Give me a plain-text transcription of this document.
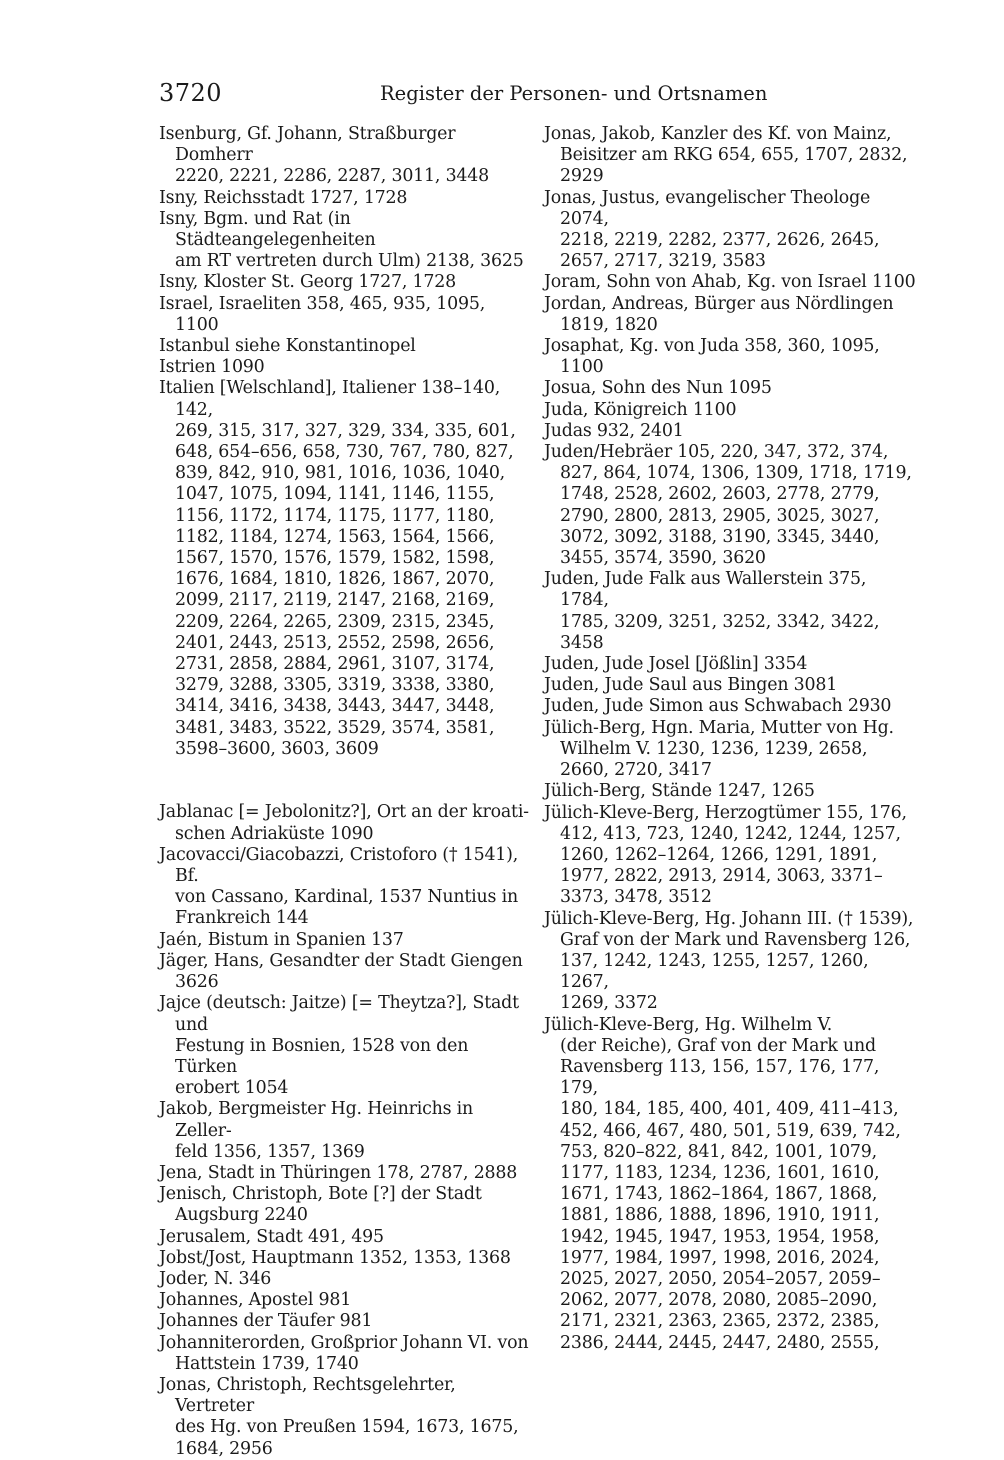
3720	Register der Personen- und Ortsnamen

Isenburg, Gf. Johann, Straßburger Domherr
2220, 2221, 2286, 2287, 3011, 3448

Isny, Reichsstadt 1727, 1728

Isny, Bgm. und Rat (in Städteangelegenheiten
am RT vertreten durch Ulm) 2138, 3625

Isny, Kloster St. Georg 1727, 1728

Israel, Israeliten 358, 465, 935, 1095, 1100

Istanbul siehe Konstantinopel

Istrien 1090

Italien [Welschland], Italiener 138–140, 142,
269, 315, 317, 327, 329, 334, 335, 601,
648, 654–656, 658, 730, 767, 780, 827,
839, 842, 910, 981, 1016, 1036, 1040,
1047, 1075, 1094, 1141, 1146, 1155,
1156, 1172, 1174, 1175, 1177, 1180,
1182, 1184, 1274, 1563, 1564, 1566,
1567, 1570, 1576, 1579, 1582, 1598,
1676, 1684, 1810, 1826, 1867, 2070,
2099, 2117, 2119, 2147, 2168, 2169,
2209, 2264, 2265, 2309, 2315, 2345,
2401, 2443, 2513, 2552, 2598, 2656,
2731, 2858, 2884, 2961, 3107, 3174,
3279, 3288, 3305, 3319, 3338, 3380,
3414, 3416, 3438, 3443, 3447, 3448,
3481, 3483, 3522, 3529, 3574, 3581,
3598–3600, 3603, 3609

Jablanac [= Jebolonitz?], Ort an der kroati-
schen Adriaküste 1090

Jacovacci/Giacobazzi, Cristoforo († 1541), Bf.
von Cassano, Kardinal, 1537 Nuntius in
Frankreich 144

Jaén, Bistum in Spanien 137

Jäger, Hans, Gesandter der Stadt Giengen
3626

Jajce (deutsch: Jaitze) [= Theytza?], Stadt und
Festung in Bosnien, 1528 von den Türken
erobert 1054

Jakob, Bergmeister Hg. Heinrichs in Zeller-
feld 1356, 1357, 1369

Jena, Stadt in Thüringen 178, 2787, 2888

Jenisch, Christoph, Bote [?] der Stadt
Augsburg 2240

Jerusalem, Stadt 491, 495

Jobst/Jost, Hauptmann 1352, 1353, 1368

Joder, N. 346

Johannes, Apostel 981

Johannes der Täufer 981

Johanniterorden, Großprior Johann VI. von
Hattstein 1739, 1740

Jonas, Christoph, Rechtsgelehrter, Vertreter
des Hg. von Preußen 1594, 1673, 1675,
1684, 2956

Jonas, Jakob, Kanzler des Kf. von Mainz,
Beisitzer am RKG 654, 655, 1707, 2832,
2929

Jonas, Justus, evangelischer Theologe 2074,
2218, 2219, 2282, 2377, 2626, 2645,
2657, 2717, 3219, 3583

Joram, Sohn von Ahab, Kg. von Israel 1100

Jordan, Andreas, Bürger aus Nördlingen
1819, 1820

Josaphat, Kg. von Juda 358, 360, 1095, 1100

Josua, Sohn des Nun 1095

Juda, Königreich 1100

Judas 932, 2401

Juden/Hebräer 105, 220, 347, 372, 374,
827, 864, 1074, 1306, 1309, 1718, 1719,
1748, 2528, 2602, 2603, 2778, 2779,
2790, 2800, 2813, 2905, 3025, 3027,
3072, 3092, 3188, 3190, 3345, 3440,
3455, 3574, 3590, 3620

Juden, Jude Falk aus Wallerstein 375, 1784,
1785, 3209, 3251, 3252, 3342, 3422,
3458

Juden, Jude Josel [Jößlin] 3354

Juden, Jude Saul aus Bingen 3081

Juden, Jude Simon aus Schwabach 2930

Jülich-Berg, Hgn. Maria, Mutter von Hg.
Wilhelm V. 1230, 1236, 1239, 2658,
2660, 2720, 3417

Jülich-Berg, Stände 1247, 1265

Jülich-Kleve-Berg, Herzogtümer 155, 176,
412, 413, 723, 1240, 1242, 1244, 1257,
1260, 1262–1264, 1266, 1291, 1891,
1977, 2822, 2913, 2914, 3063, 3371–
3373, 3478, 3512

Jülich-Kleve-Berg, Hg. Johann III. († 1539),
Graf von der Mark und Ravensberg 126,
137, 1242, 1243, 1255, 1257, 1260, 1267,
1269, 3372

Jülich-Kleve-Berg, Hg. Wilhelm V.
(der Reiche), Graf von der Mark und
Ravensberg 113, 156, 157, 176, 177, 179,
180, 184, 185, 400, 401, 409, 411–413,
452, 466, 467, 480, 501, 519, 639, 742,
753, 820–822, 841, 842, 1001, 1079,
1177, 1183, 1234, 1236, 1601, 1610,
1671, 1743, 1862–1864, 1867, 1868,
1881, 1886, 1888, 1896, 1910, 1911,
1942, 1945, 1947, 1953, 1954, 1958,
1977, 1984, 1997, 1998, 2016, 2024,
2025, 2027, 2050, 2054–2057, 2059–
2062, 2077, 2078, 2080, 2085–2090,
2171, 2321, 2363, 2365, 2372, 2385,
2386, 2444, 2445, 2447, 2480, 2555,
